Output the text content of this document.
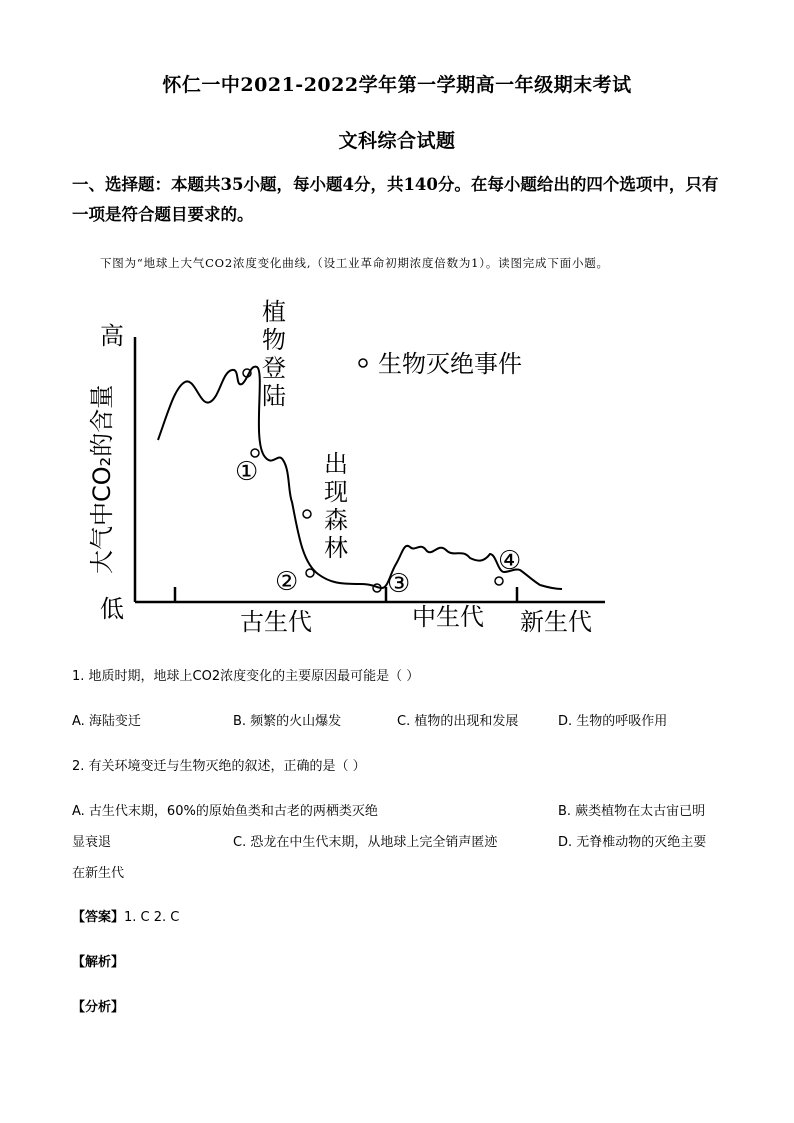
怀仁一中2021-2022学年第一学期高一年级期末考试
文科综合试题
一、选择题：本题共35小题，每小题4分，共140分。在每小题给出的四个选项中，只有
一项是符合题目要求的。
下图为“地球上大气CO2浓度变化曲线,（设工业革命初期浓度倍数为1）。读图完成下面小题。
高
低
大气中CO₂的含量
古生代	中生代 新生代
①
②	③
④
生物灭绝事件
植
物
登
陆
出
现
森
林
1. 地质时期，地球上CO2浓度变化的主要原因最可能是（ ）
A. 海陆变迁	B. 频繁的火山爆发	C. 植物的出现和发展	D. 生物的呼吸作用
2. 有关环境变迁与生物灭绝的叙述，正确的是（ ）
A. 古生代末期，60%的原始鱼类和古老的两栖类灭绝	B. 蕨类植物在太古宙已明
显衰退	C. 恐龙在中生代末期，从地球上完全销声匿迹	D. 无脊椎动物的灭绝主要
在新生代
【答案】1. C 2. C
【解析】
【分析】
